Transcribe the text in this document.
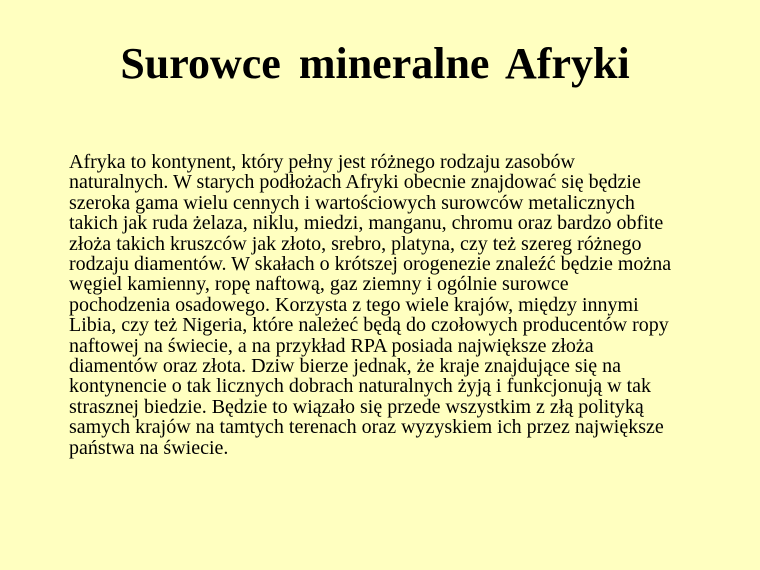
Surowce mineralne Afryki
Afryka to kontynent, który pełny jest różnego rodzaju zasobów
naturalnych. W starych podłożach Afryki obecnie znajdować się będzie
szeroka gama wielu cennych i wartościowych surowców metalicznych
takich jak ruda żelaza, niklu, miedzi, manganu, chromu oraz bardzo obfite
złoża takich kruszców jak złoto, srebro, platyna, czy też szereg różnego
rodzaju diamentów. W skałach o krótszej orogenezie znaleźć będzie można
węgiel kamienny, ropę naftową, gaz ziemny i ogólnie surowce
pochodzenia osadowego. Korzysta z tego wiele krajów, między innymi
Libia, czy też Nigeria, które należeć będą do czołowych producentów ropy
naftowej na świecie, a na przykład RPA posiada największe złoża
diamentów oraz złota. Dziw bierze jednak, że kraje znajdujące się na
kontynencie o tak licznych dobrach naturalnych żyją i funkcjonują w tak
strasznej biedzie. Będzie to wiązało się przede wszystkim z złą polityką
samych krajów na tamtych terenach oraz wyzyskiem ich przez największe
państwa na świecie.
